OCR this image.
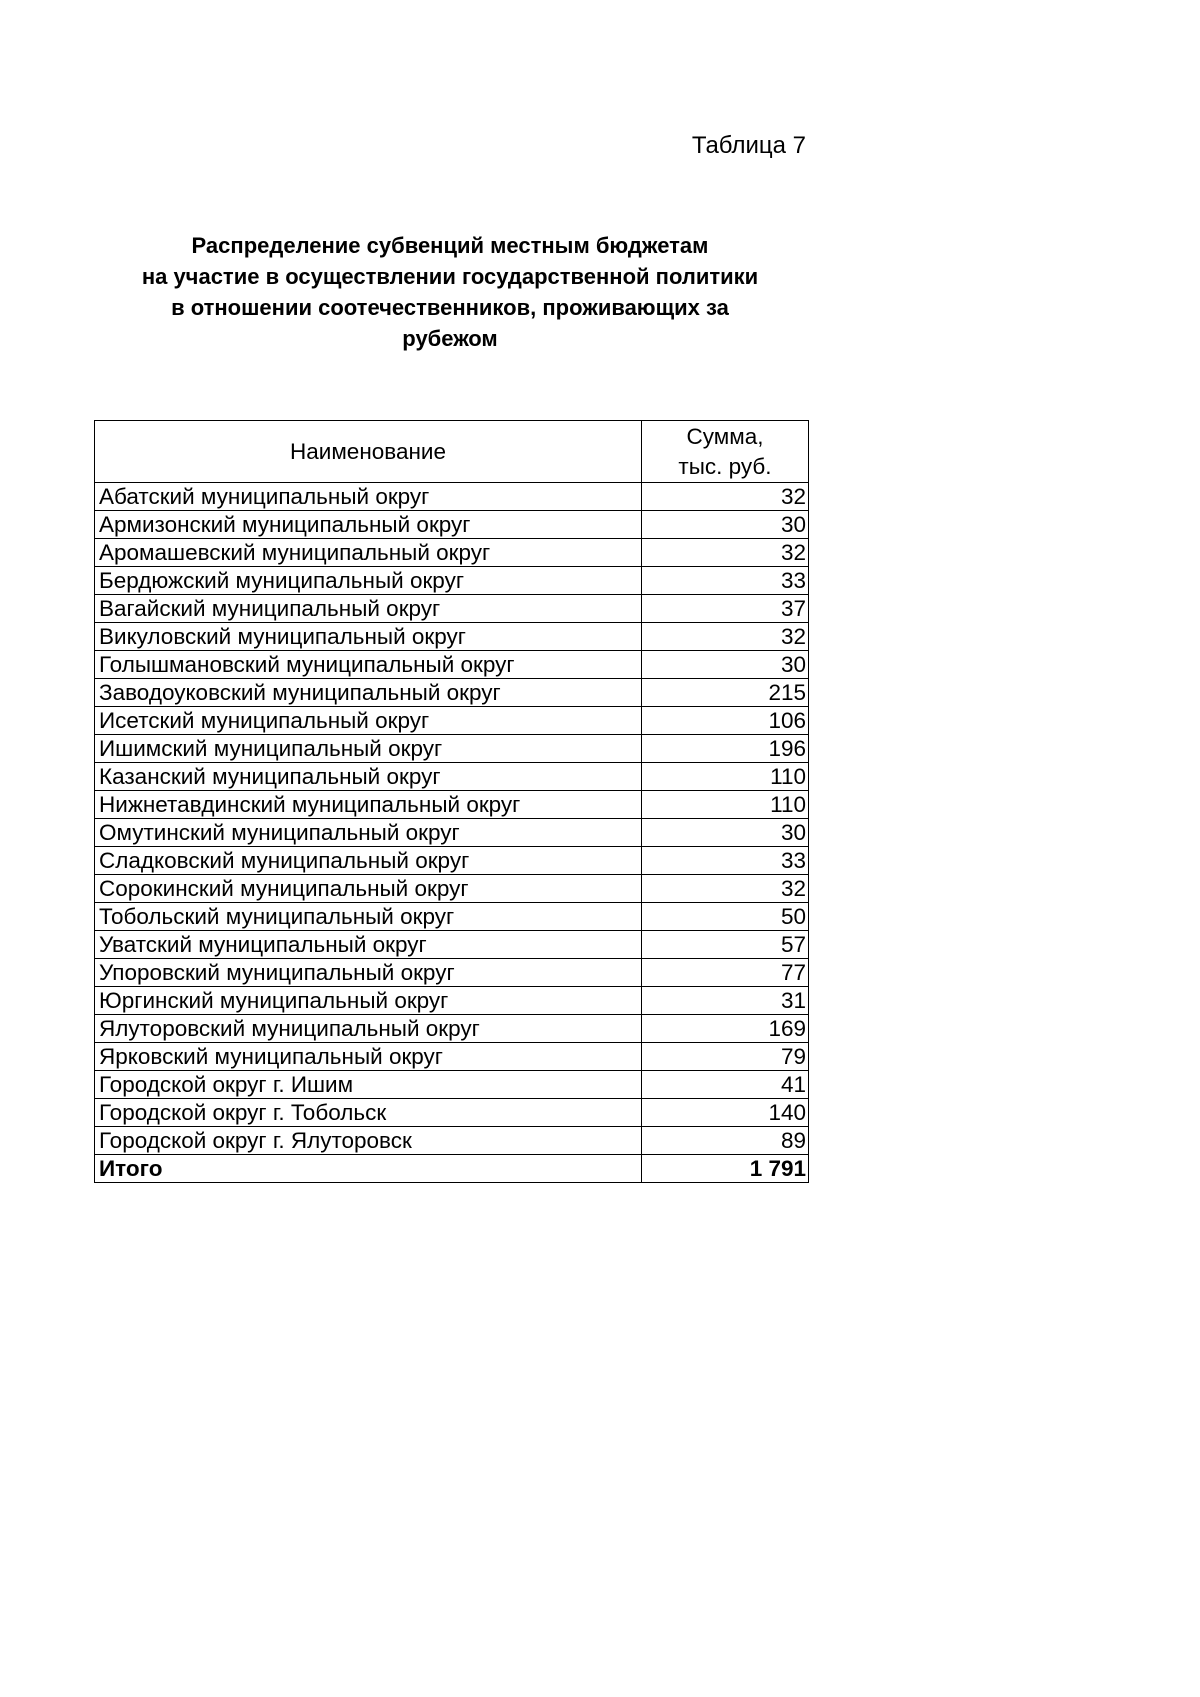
Таблица 7
Распределение субвенций местным бюджетам
на участие в осуществлении государственной политики
в отношении соотечественников, проживающих за
рубежом
Наименование	Сумма,
тыс. руб.

Абатский муниципальный округ	32
Армизонский муниципальный округ	30
Аромашевский муниципальный округ	32
Бердюжский муниципальный округ	33
Вагайский муниципальный округ	37
Викуловский муниципальный округ	32
Голышмановский муниципальный округ	30
Заводоуковский муниципальный округ	215
Исетский муниципальный округ	106
Ишимский муниципальный округ	196
Казанский муниципальный округ	110
Нижнетавдинский муниципальный округ	110
Омутинский муниципальный округ	30
Сладковский муниципальный округ	33
Сорокинский муниципальный округ	32
Тобольский муниципальный округ	50
Уватский муниципальный округ	57
Упоровский муниципальный округ	77
Юргинский муниципальный округ	31
Ялуторовский муниципальный округ	169
Ярковский муниципальный округ	79
Городской округ г. Ишим	41
Городской округ г. Тобольск	140
Городской округ г. Ялуторовск	89
Итого	1 791
